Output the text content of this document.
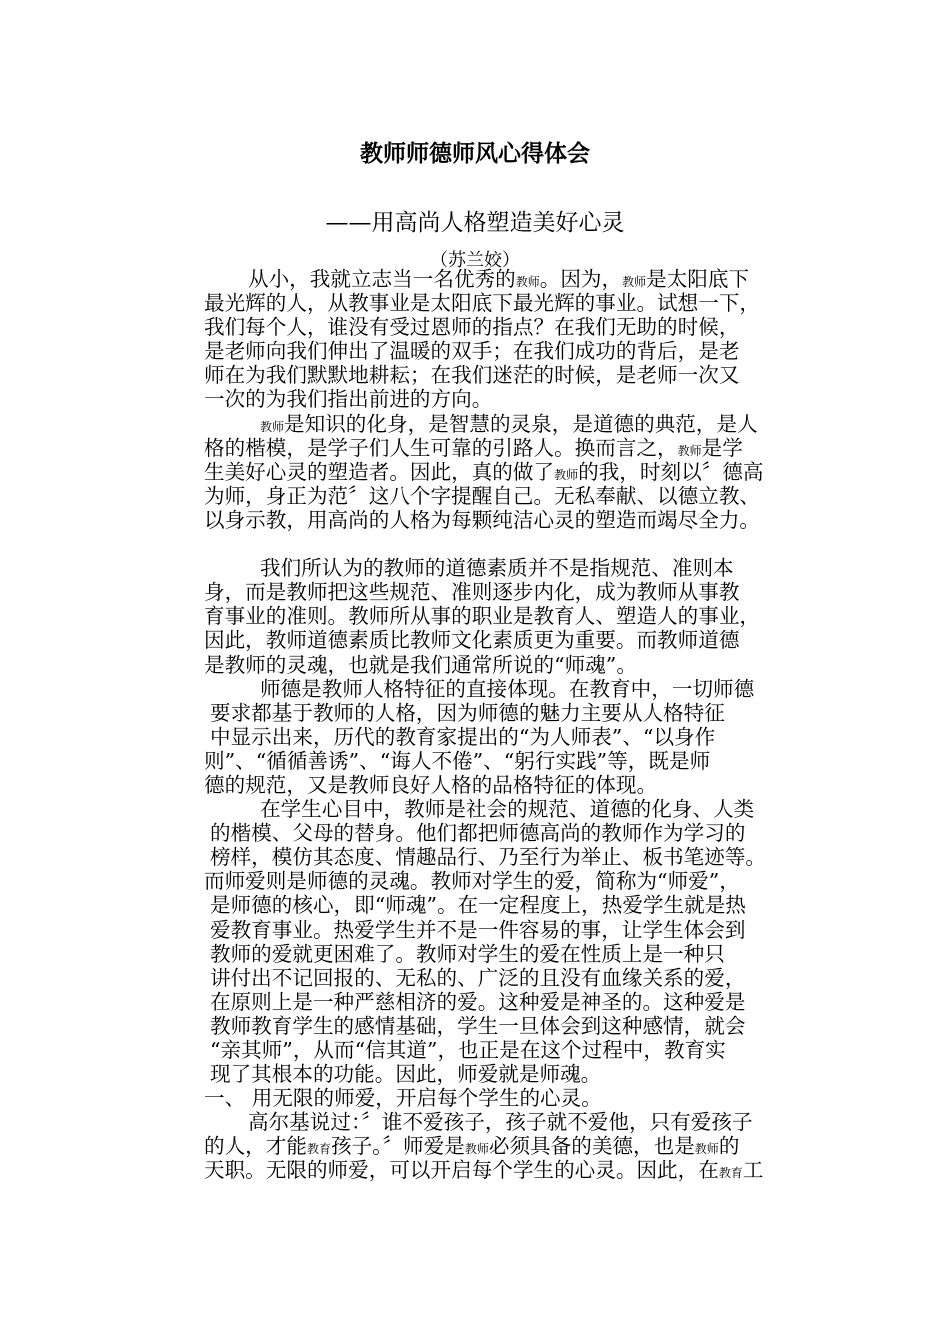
教师师德师风心得体会
——用高尚人格塑造美好心灵
（苏兰姣）
从小，我就立志当一名优秀的教师。因为，教师是太阳底下
最光辉的人，从教事业是太阳底下最光辉的事业。试想一下，
我们每个人，谁没有受过恩师的指点？在我们无助的时候，
是老师向我们伸出了温暖的双手；在我们成功的背后，是老
师在为我们默默地耕耘；在我们迷茫的时候，是老师一次又
一次的为我们指出前进的方向。
教师是知识的化身，是智慧的灵泉，是道德的典范，是人
格的楷模，是学子们人生可靠的引路人。换而言之，教师是学
生美好心灵的塑造者。因此，真的做了教师的我，时刻以〞德高
为师，身正为范〞这八个字提醒自己。无私奉献、以德立教、
以身示教，用高尚的人格为每颗纯洁心灵的塑造而竭尽全力。
我们所认为的教师的道德素质并不是指规范、准则本
身，而是教师把这些规范、准则逐步内化，成为教师从事教
育事业的准则。教师所从事的职业是教育人、塑造人的事业，
因此，教师道德素质比教师文化素质更为重要。而教师道德
是教师的灵魂，也就是我们通常所说的“师魂”。
师德是教师人格特征的直接体现。在教育中，一切师德
要求都基于教师的人格，因为师德的魅力主要从人格特征
中显示出来，历代的教育家提出的“为人师表”、“以身作
则”、“循循善诱”、“诲人不倦”、“躬行实践”等，既是师
德的规范，又是教师良好人格的品格特征的体现。
在学生心目中，教师是社会的规范、道德的化身、人类
的楷模、父母的替身。他们都把师德高尚的教师作为学习的
榜样，模仿其态度、情趣品行、乃至行为举止、板书笔迹等。
而师爱则是师德的灵魂。教师对学生的爱，简称为“师爱”，
是师德的核心，即“师魂”。在一定程度上，热爱学生就是热
爱教育事业。热爱学生并不是一件容易的事，让学生体会到
教师的爱就更困难了。教师对学生的爱在性质上是一种只
讲付出不记回报的、无私的、广泛的且没有血缘关系的爱，
在原则上是一种严慈相济的爱。这种爱是神圣的。这种爱是
教师教育学生的感情基础，学生一旦体会到这种感情，就会
“亲其师”，从而“信其道”，也正是在这个过程中，教育实
现了其根本的功能。因此，师爱就是师魂。
一、 用无限的师爱，开启每个学生的心灵。
高尔基说过：〞谁不爱孩子，孩子就不爱他，只有爱孩子
的人，才能教育孩子。〞师爱是教师必须具备的美德，也是教师的
天职。无限的师爱，可以开启每个学生的心灵。因此，在教育工
